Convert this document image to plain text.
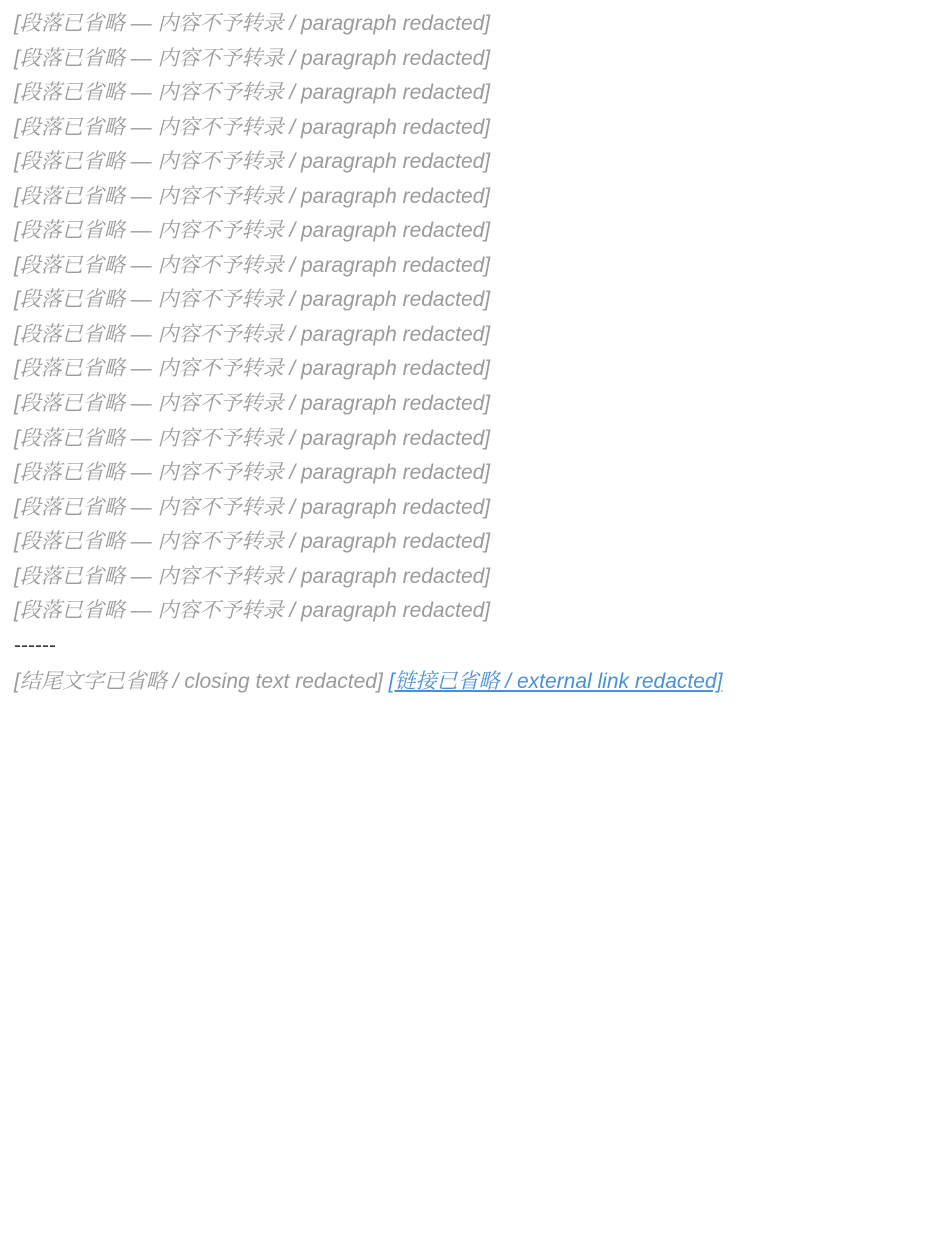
[段落已省略 — 内容不予转录 / paragraph redacted]

[段落已省略 — 内容不予转录 / paragraph redacted]

[段落已省略 — 内容不予转录 / paragraph redacted]

[段落已省略 — 内容不予转录 / paragraph redacted]

[段落已省略 — 内容不予转录 / paragraph redacted]

[段落已省略 — 内容不予转录 / paragraph redacted]

[段落已省略 — 内容不予转录 / paragraph redacted]

[段落已省略 — 内容不予转录 / paragraph redacted]

[段落已省略 — 内容不予转录 / paragraph redacted]

[段落已省略 — 内容不予转录 / paragraph redacted]

[段落已省略 — 内容不予转录 / paragraph redacted]

[段落已省略 — 内容不予转录 / paragraph redacted]

[段落已省略 — 内容不予转录 / paragraph redacted]

[段落已省略 — 内容不予转录 / paragraph redacted]

[段落已省略 — 内容不予转录 / paragraph redacted]

[段落已省略 — 内容不予转录 / paragraph redacted]

[段落已省略 — 内容不予转录 / paragraph redacted]

[段落已省略 — 内容不予转录 / paragraph redacted]

------

[结尾文字已省略 / closing text redacted] [链接已省略 / external link redacted]
